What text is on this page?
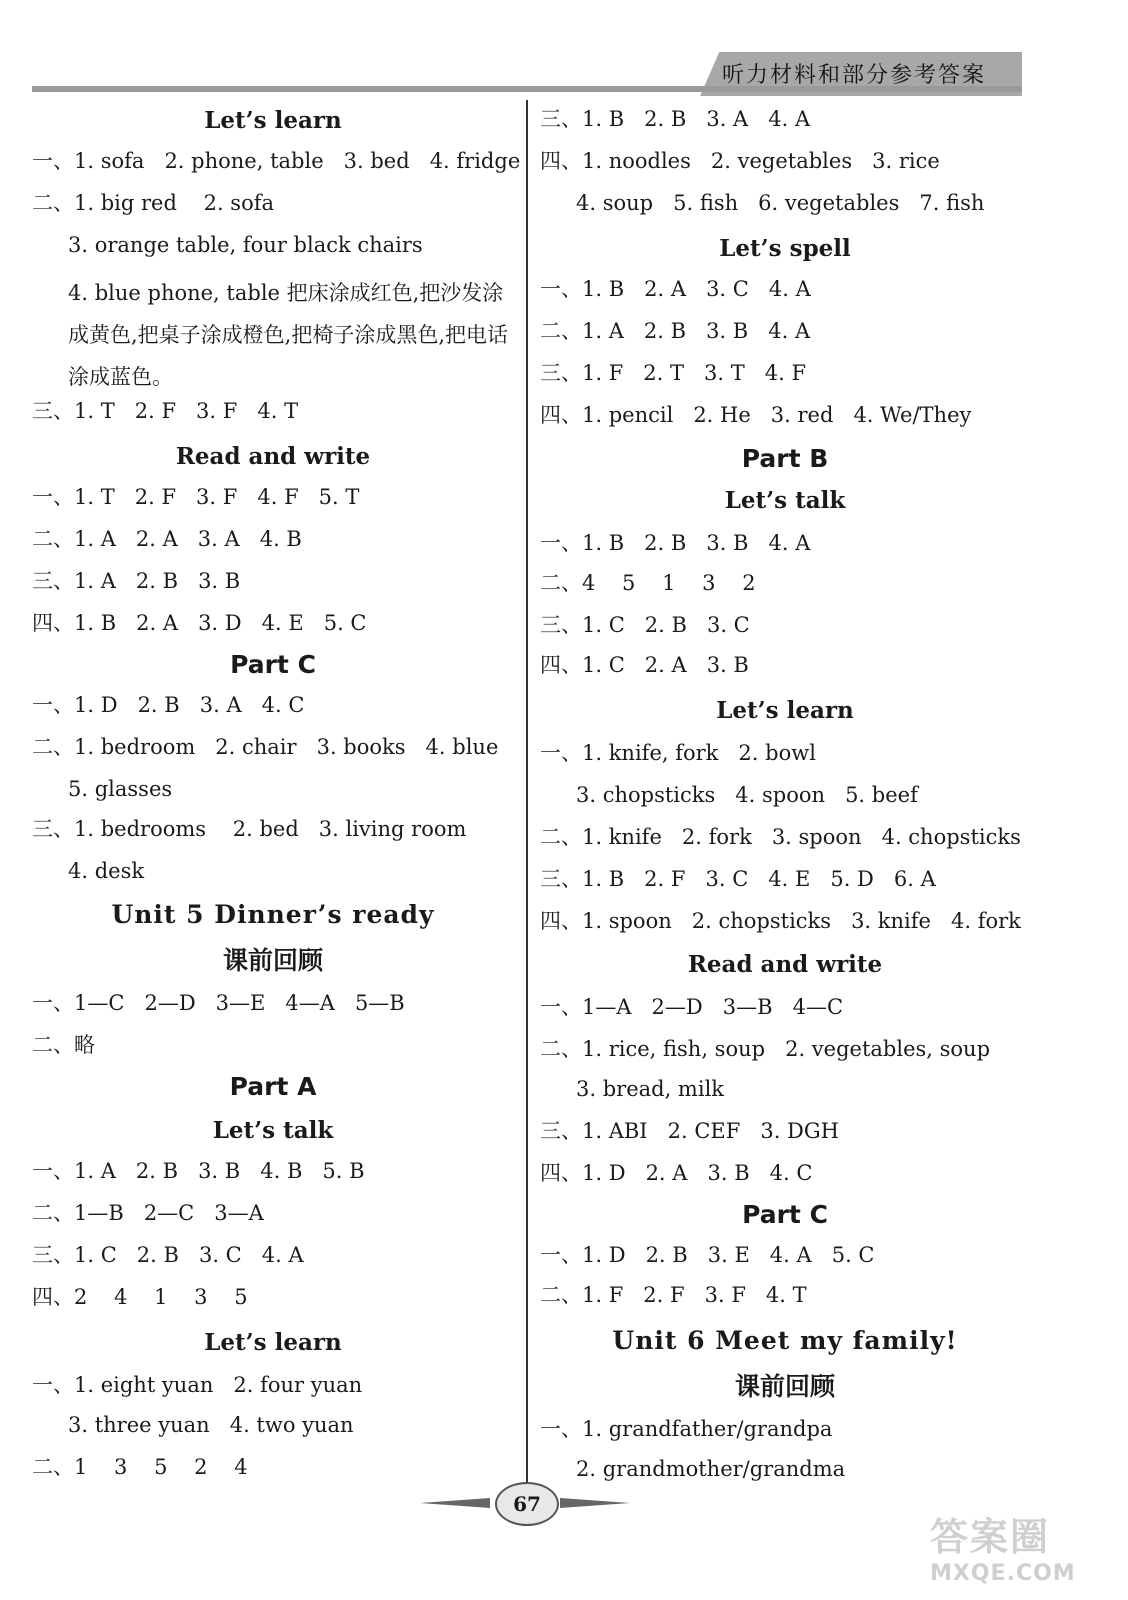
听力材料和部分参考答案
Let’s learn
一、1. sofa   2. phone, table   3. bed   4. fridge
二、1. big red    2. sofa
3. orange table, four black chairs
4. blue phone, table 把床涂成红色,把沙发涂成黄色,把桌子涂成橙色,把椅子涂成黑色,把电话涂成蓝色。
三、1. T   2. F   3. F   4. T
Read and write
一、1. T   2. F   3. F   4. F   5. T
二、1. A   2. A   3. A   4. B
三、1. A   2. B   3. B
四、1. B   2. A   3. D   4. E   5. C
Part C
一、1. D   2. B   3. A   4. C
二、1. bedroom   2. chair   3. books   4. blue
5. glasses
三、1. bedrooms    2. bed   3. living room
4. desk
Unit 5 Dinner’s ready
课前回顾
一、1—C   2—D   3—E   4—A   5—B
二、略
Part A
Let’s talk
一、1. A   2. B   3. B   4. B   5. B
二、1—B   2—C   3—A
三、1. C   2. B   3. C   4. A
四、2    4    1    3    5
Let’s learn
一、1. eight yuan   2. four yuan
3. three yuan   4. two yuan
二、1    3    5    2    4
三、1. B   2. B   3. A   4. A
四、1. noodles   2. vegetables   3. rice
4. soup   5. fish   6. vegetables   7. fish
Let’s spell
一、1. B   2. A   3. C   4. A
二、1. A   2. B   3. B   4. A
三、1. F   2. T   3. T   4. F
四、1. pencil   2. He   3. red   4. We/They
Part B
Let’s talk
一、1. B   2. B   3. B   4. A
二、4    5    1    3    2
三、1. C   2. B   3. C
四、1. C   2. A   3. B
Let’s learn
一、1. knife, fork   2. bowl
3. chopsticks   4. spoon   5. beef
二、1. knife   2. fork   3. spoon   4. chopsticks
三、1. B   2. F   3. C   4. E   5. D   6. A
四、1. spoon   2. chopsticks   3. knife   4. fork
Read and write
一、1—A   2—D   3—B   4—C
二、1. rice, fish, soup   2. vegetables, soup
3. bread, milk
三、1. ABI   2. CEF   3. DGH
四、1. D   2. A   3. B   4. C
Part C
一、1. D   2. B   3. E   4. A   5. C
二、1. F   2. F   3. F   4. T
Unit 6 Meet my family!
课前回顾
一、1. grandfather/grandpa
2. grandmother/grandma
67
答案圈
MXQE.COM
